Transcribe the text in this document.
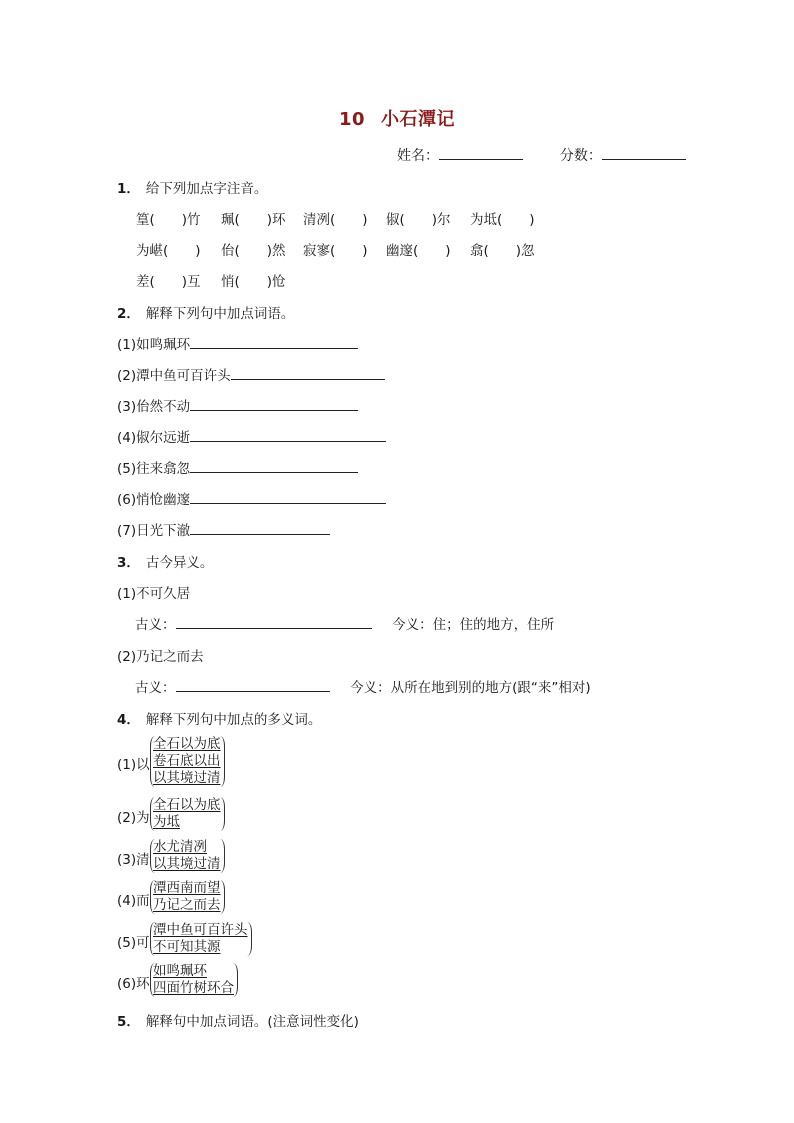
10 小石潭记
姓名：	分数：
1． 给下列加点字注音。
篁(　　)竹 珮(　　)环 清冽(　　) 俶(　　)尔 为坻(　　)
为嵁(　　) 佁(　　)然 寂寥(　　) 幽邃(　　) 翕(　　)忽
差(　　)互 悄(　　)怆
2． 解释下列句中加点词语。
(1)如鸣珮环
(2)潭中鱼可百许头
(3)佁然不动
(4)俶尔远逝
(5)往来翕忽
(6)悄怆幽邃
(7)日光下澈
3． 古今异义。
(1)不可久居
古义：	今义：住；住的地方，住所
(2)乃记之而去
古义：	今义：从所在地到别的地方(跟“来”相对)
4． 解释下列句中加点的多义词。
(1)以
全石以为底
卷石底以出
以其境过清
(2)为
全石以为底
为坻
(3)清
水尤清冽
以其境过清
(4)而
潭西南而望
乃记之而去
(5)可
潭中鱼可百许头
不可知其源
(6)环
如鸣珮环
四面竹树环合
5． 解释句中加点词语。(注意词性变化)
